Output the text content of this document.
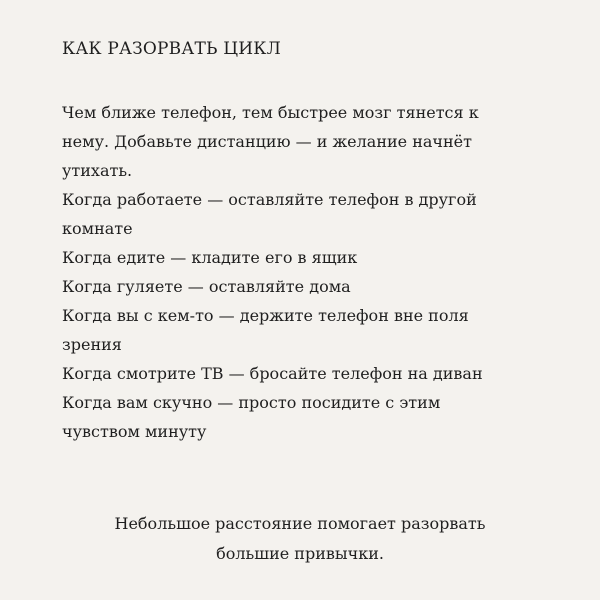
КАК РАЗОРВАТЬ ЦИКЛ
Чем ближе телефон, тем быстрее мозг тянется к
нему. Добавьте дистанцию — и желание начнёт
утихать.
Когда работаете — оставляйте телефон в другой
комнате
Когда едите — кладите его в ящик
Когда гуляете — оставляйте дома
Когда вы с кем-то — держите телефон вне поля
зрения
Когда смотрите ТВ — бросайте телефон на диван
Когда вам скучно — просто посидите с этим
чувством минуту
Небольшое расстояние помогает разорвать
большие привычки.
